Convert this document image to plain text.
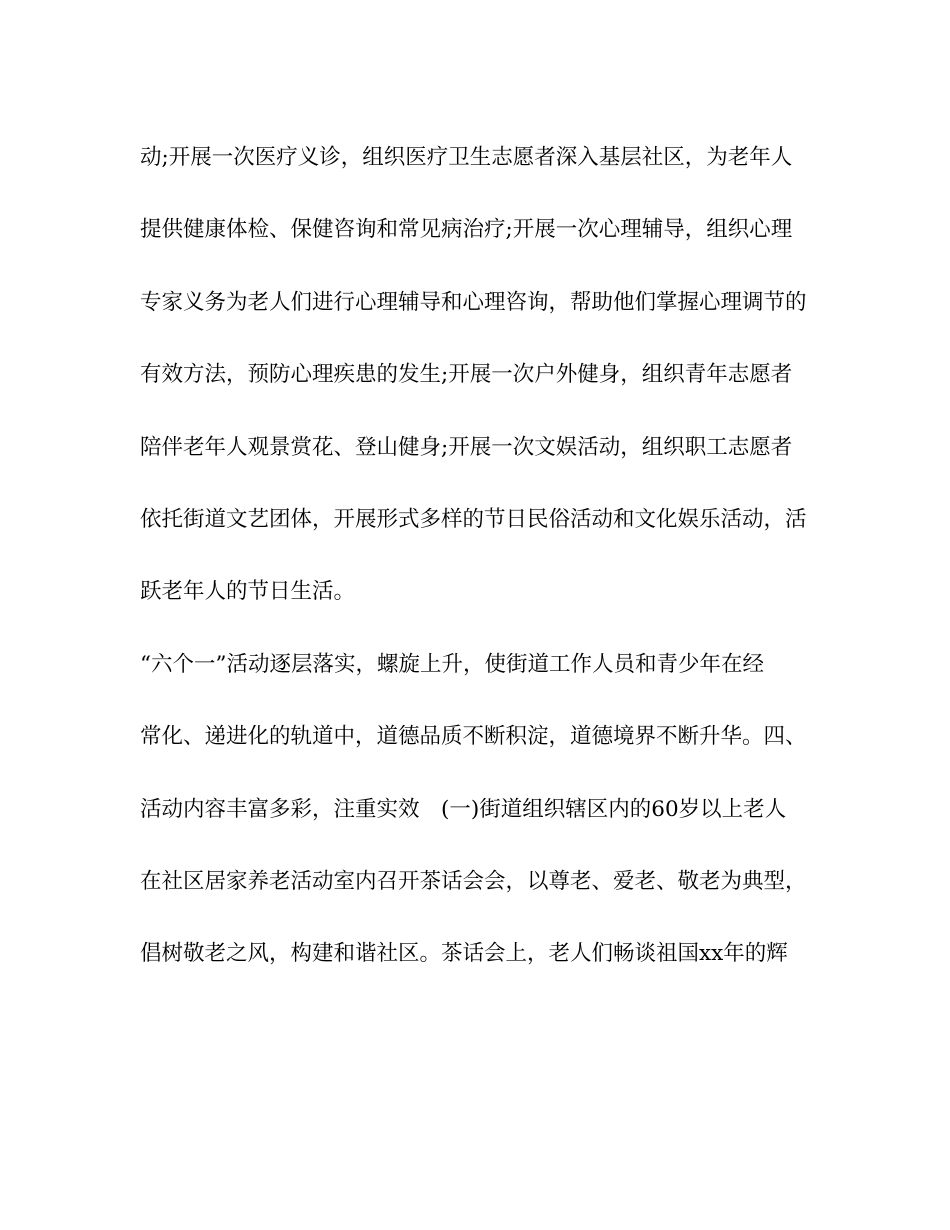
动;开展一次医疗义诊，组织医疗卫生志愿者深入基层社区，为老年人
提供健康体检、保健咨询和常见病治疗;开展一次心理辅导，组织心理
专家义务为老人们进行心理辅导和心理咨询，帮助他们掌握心理调节的
有效方法，预防心理疾患的发生;开展一次户外健身，组织青年志愿者
陪伴老年人观景赏花、登山健身;开展一次文娱活动，组织职工志愿者
依托街道文艺团体，开展形式多样的节日民俗活动和文化娱乐活动，活
跃老年人的节日生活。
“六个一”活动逐层落实，螺旋上升，使街道工作人员和青少年在经
常化、递进化的轨道中，道德品质不断积淀，道德境界不断升华。四、
活动内容丰富多彩，注重实效　(一)街道组织辖区内的60岁以上老人
在社区居家养老活动室内召开茶话会会，以尊老、爱老、敬老为典型，
倡树敬老之风，构建和谐社区。茶话会上，老人们畅谈祖国xx年的辉
